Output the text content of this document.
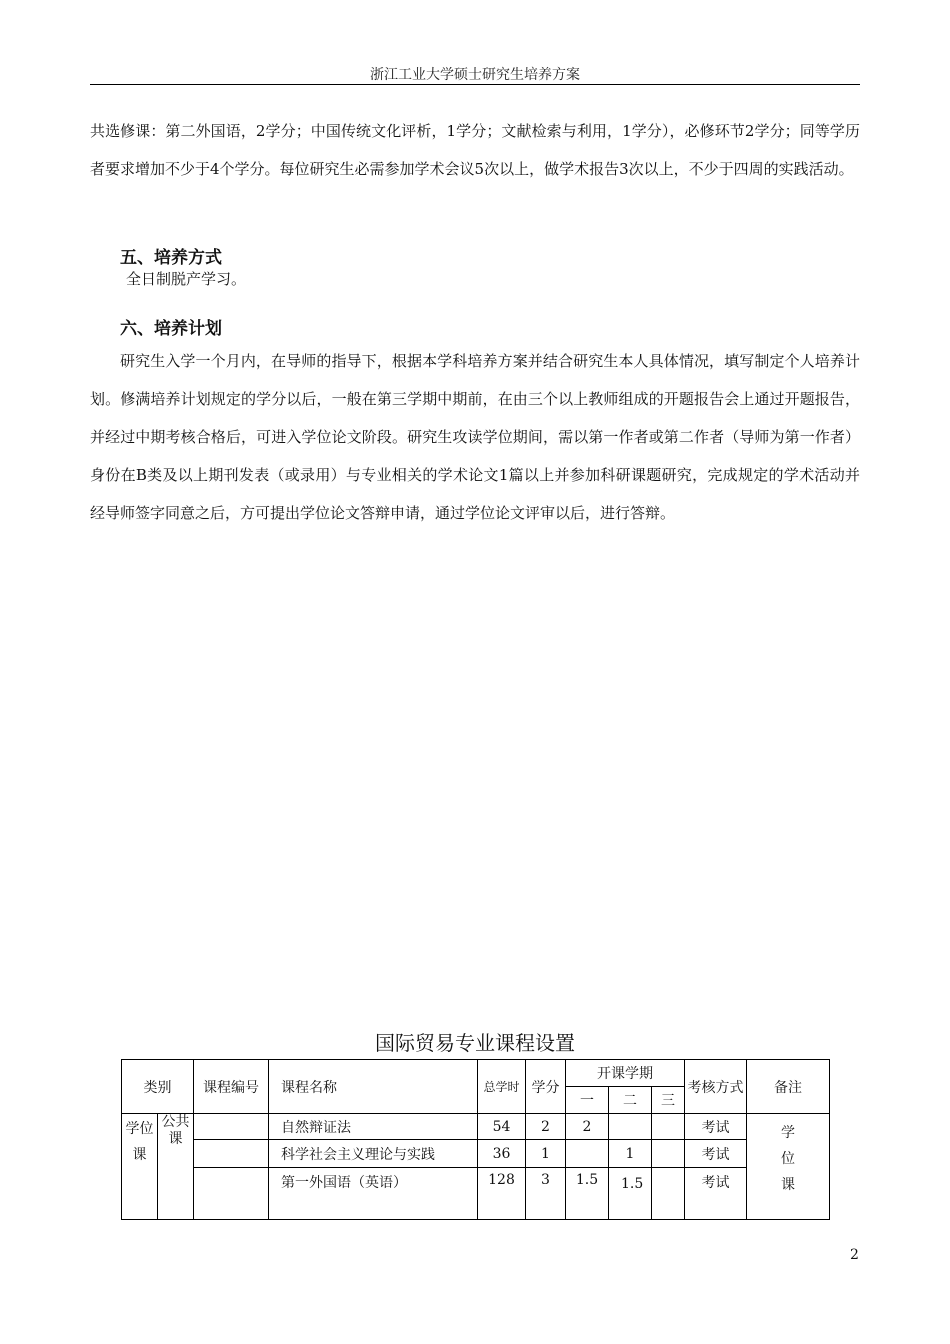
浙江工业大学硕士研究生培养方案

共选修课：第二外国语，2学分；中国传统文化评析，1学分；文献检索与利用，1学分），必修环节2学分；同等学历者要求增加不少于4个学分。每位研究生必需参加学术会议5次以上，做学术报告3次以上，不少于四周的实践活动。

五、培养方式

全日制脱产学习。

六、培养计划

研究生入学一个月内，在导师的指导下，根据本学科培养方案并结合研究生本人具体情况，填写制定个人培养计划。修满培养计划规定的学分以后，一般在第三学期中期前，在由三个以上教师组成的开题报告会上通过开题报告，并经过中期考核合格后，可进入学位论文阶段。研究生攻读学位期间，需以第一作者或第二作者（导师为第一作者）身份在B类及以上期刊发表（或录用）与专业相关的学术论文1篇以上并参加科研课题研究，完成规定的学术活动并经导师签字同意之后，方可提出学位论文答辩申请，通过学位论文评审以后，进行答辩。

国际贸易专业课程设置
类别		课程编号	课程名称	总学时	学分	开课学期			考核方式	备注
						一	二	三		
学位课	公共课		自然辩证法	54	2	2			考试	学位课
			科学社会主义理论与实践	36	1		1		考试	
			第一外国语（英语）	128	3	1.5	1.5		考试	
2
